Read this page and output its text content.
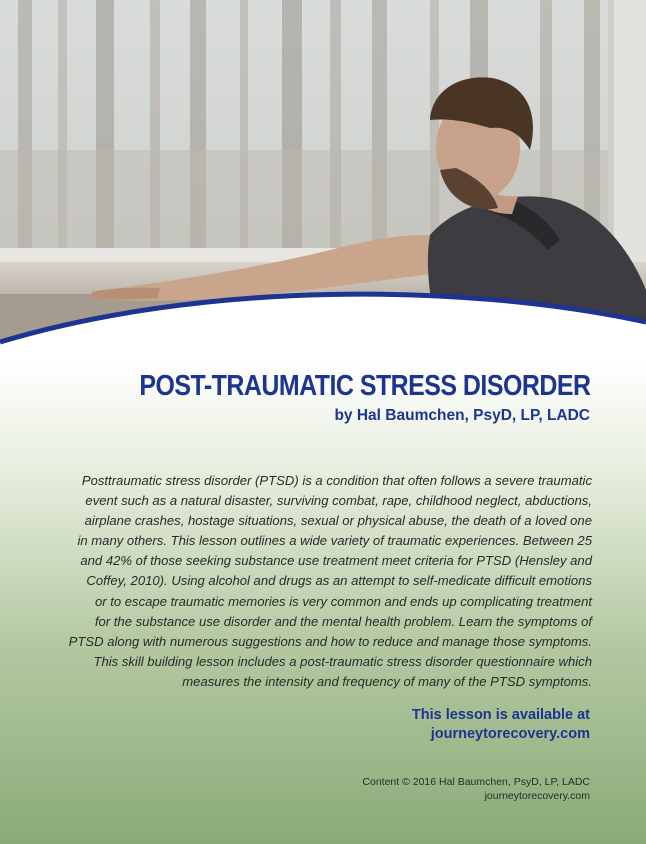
POST-TRAUMATIC STRESS DISORDER

by Hal Baumchen, PsyD, LP, LADC

Posttraumatic stress disorder (PTSD) is a condition that often follows a severe traumatic
event such as a natural disaster, surviving combat, rape, childhood neglect, abductions,
airplane crashes, hostage situations, sexual or physical abuse, the death of a loved one
in many others. This lesson outlines a wide variety of traumatic experiences. Between 25
and 42% of those seeking substance use treatment meet criteria for PTSD (Hensley and
Coffey, 2010). Using alcohol and drugs as an attempt to self-medicate difficult emotions
or to escape traumatic memories is very common and ends up complicating treatment
for the substance use disorder and the mental health problem. Learn the symptoms of
PTSD along with numerous suggestions and how to reduce and manage those symptoms.
This skill building lesson includes a post-traumatic stress disorder questionnaire which
measures the intensity and frequency of many of the PTSD symptoms.
This lesson is available at
journeytorecovery.com
Content © 2016 Hal Baumchen, PsyD, LP, LADC
journeytorecovery.com
